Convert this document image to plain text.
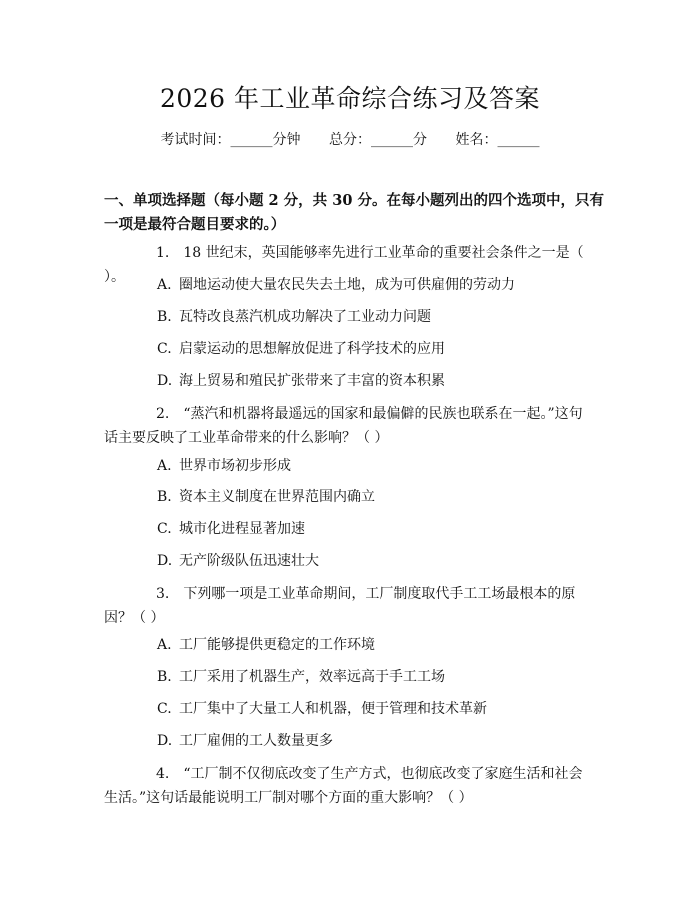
2026 年工业革命综合练习及答案
考试时间：______分钟 总分：______分 姓名：______
一、单项选择题（每小题 2 分，共 30 分。在每小题列出的四个选项中，只有一项是最符合题目要求的。）
1. 18 世纪末，英国能够率先进行工业革命的重要社会条件之一是（ ）。	A. 圈地运动使大量农民失去土地，成为可供雇佣的劳动力
B. 瓦特改良蒸汽机成功解决了工业动力问题
C. 启蒙运动的思想解放促进了科学技术的应用
D. 海上贸易和殖民扩张带来了丰富的资本积累
2. “蒸汽和机器将最遥远的国家和最偏僻的民族也联系在一起。”这句话主要反映了工业革命带来的什么影响？（ ）
A. 世界市场初步形成
B. 资本主义制度在世界范围内确立
C. 城市化进程显著加速
D. 无产阶级队伍迅速壮大
3. 下列哪一项是工业革命期间，工厂制度取代手工工场最根本的原因？（ ）
A. 工厂能够提供更稳定的工作环境
B. 工厂采用了机器生产，效率远高于手工工场
C. 工厂集中了大量工人和机器，便于管理和技术革新
D. 工厂雇佣的工人数量更多
4. “工厂制不仅彻底改变了生产方式，也彻底改变了家庭生活和社会生活。”这句话最能说明工厂制对哪个方面的重大影响？（ ）
